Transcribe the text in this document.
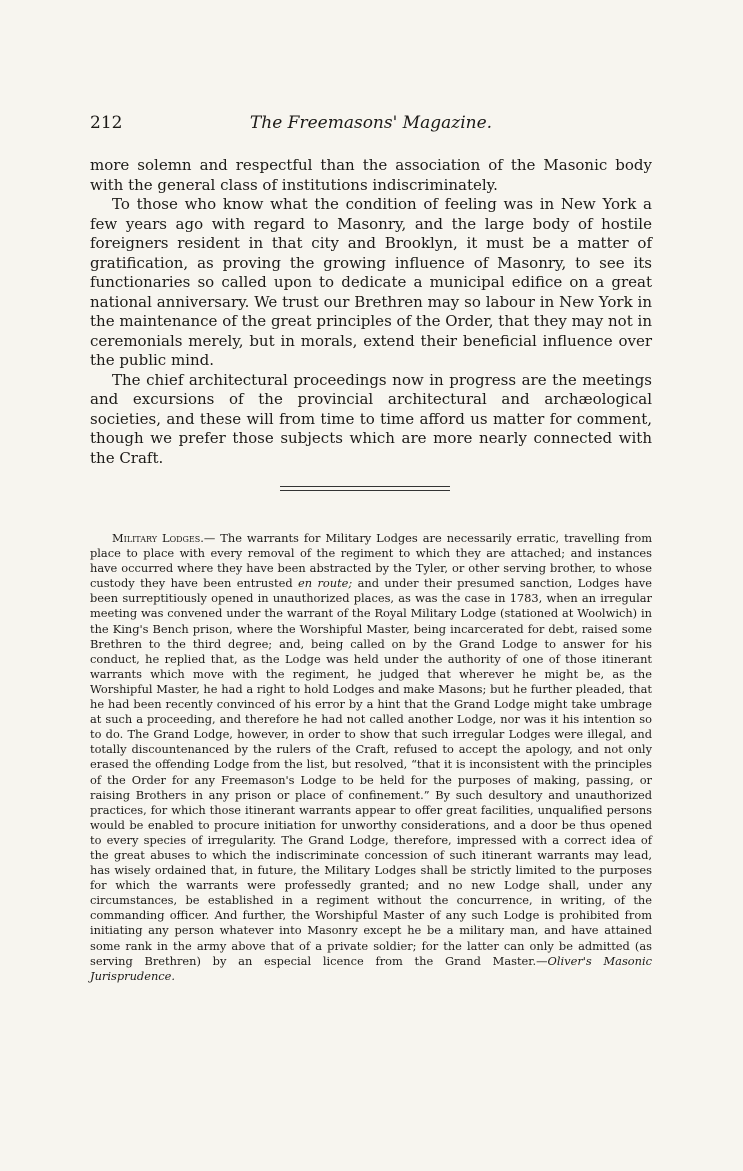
212	The Freemasons' Magazine.

more solemn and respectful than the association of the Masonic body with the general class of institutions indiscriminately.

To those who know what the condition of feeling was in New York a few years ago with regard to Masonry, and the large body of hostile foreigners resident in that city and Brooklyn, it must be a matter of gratification, as proving the growing influence of Masonry, to see its functionaries so called upon to dedicate a municipal edifice on a great national anniversary. We trust our Brethren may so labour in New York in the maintenance of the great principles of the Order, that they may not in ceremonials merely, but in morals, extend their beneficial influence over the public mind.

The chief architectural proceedings now in progress are the meetings and excursions of the provincial architectural and archæological societies, and these will from time to time afford us matter for comment, though we prefer those subjects which are more nearly connected with the Craft.

Military Lodges.— The warrants for Military Lodges are necessarily erratic, travelling from place to place with every removal of the regiment to which they are attached; and instances have occurred where they have been abstracted by the Tyler, or other serving brother, to whose custody they have been entrusted en route; and under their presumed sanction, Lodges have been surreptitiously opened in unauthorized places, as was the case in 1783, when an irregular meeting was convened under the warrant of the Royal Military Lodge (stationed at Woolwich) in the King's Bench prison, where the Worshipful Master, being incarcerated for debt, raised some Brethren to the third degree; and, being called on by the Grand Lodge to answer for his conduct, he replied that, as the Lodge was held under the authority of one of those itinerant warrants which move with the regiment, he judged that wherever he might be, as the Worshipful Master, he had a right to hold Lodges and make Masons; but he further pleaded, that he had been recently convinced of his error by a hint that the Grand Lodge might take umbrage at such a proceeding, and therefore he had not called another Lodge, nor was it his intention so to do. The Grand Lodge, however, in order to show that such irregular Lodges were illegal, and totally discountenanced by the rulers of the Craft, refused to accept the apology, and not only erased the offending Lodge from the list, but resolved, “that it is inconsistent with the principles of the Order for any Freemason's Lodge to be held for the purposes of making, passing, or raising Brothers in any prison or place of confinement.” By such desultory and unauthorized practices, for which those itinerant warrants appear to offer great facilities, unqualified persons would be enabled to procure initiation for unworthy considerations, and a door be thus opened to every species of irregularity. The Grand Lodge, therefore, impressed with a correct idea of the great abuses to which the indiscriminate concession of such itinerant warrants may lead, has wisely ordained that, in future, the Military Lodges shall be strictly limited to the purposes for which the warrants were professedly granted; and no new Lodge shall, under any circumstances, be established in a regiment without the concurrence, in writing, of the commanding officer. And further, the Worshipful Master of any such Lodge is prohibited from initiating any person whatever into Masonry except he be a military man, and have attained some rank in the army above that of a private soldier; for the latter can only be admitted (as serving Brethren) by an especial licence from the Grand Master.—Oliver's Masonic Jurisprudence.
